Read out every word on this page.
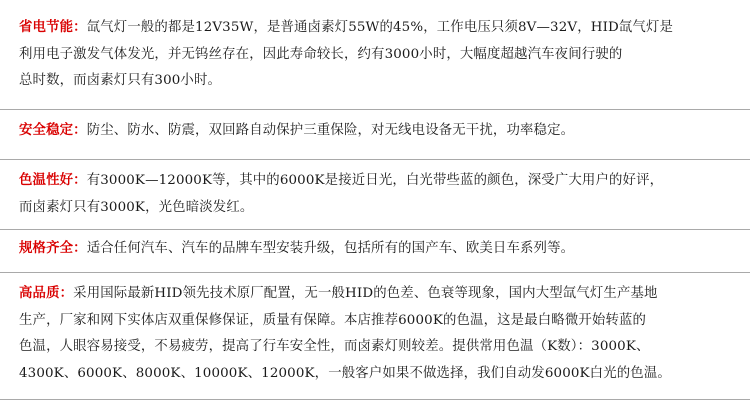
省电节能：氙气灯一般的都是12V35W，是普通卤素灯55W的45%，工作电压只须8V—32V，HID氙气灯是
利用电子激发气体发光，并无钨丝存在，因此寿命较长，约有3000小时，大幅度超越汽车夜间行驶的
总时数，而卤素灯只有300小时。

安全稳定：防尘、防水、防震，双回路自动保护三重保险，对无线电设备无干扰，功率稳定。

色温性好：有3000K—12000K等，其中的6000K是接近日光，白光带些蓝的颜色，深受广大用户的好评，
而卤素灯只有3000K，光色暗淡发红。

规格齐全：适合任何汽车、汽车的品牌车型安装升级，包括所有的国产车、欧美日车系列等。

高品质：采用国际最新HID领先技术原厂配置，无一般HID的色差、色衰等现象，国内大型氙气灯生产基地
生产，厂家和网下实体店双重保修保证，质量有保障。本店推荐6000K的色温，这是最白略微开始转蓝的
色温，人眼容易接受，不易疲劳，提高了行车安全性，而卤素灯则较差。提供常用色温（K数）：3000K、
4300K、6000K、8000K、10000K、12000K，一般客户如果不做选择，我们自动发6000K白光的色温。
